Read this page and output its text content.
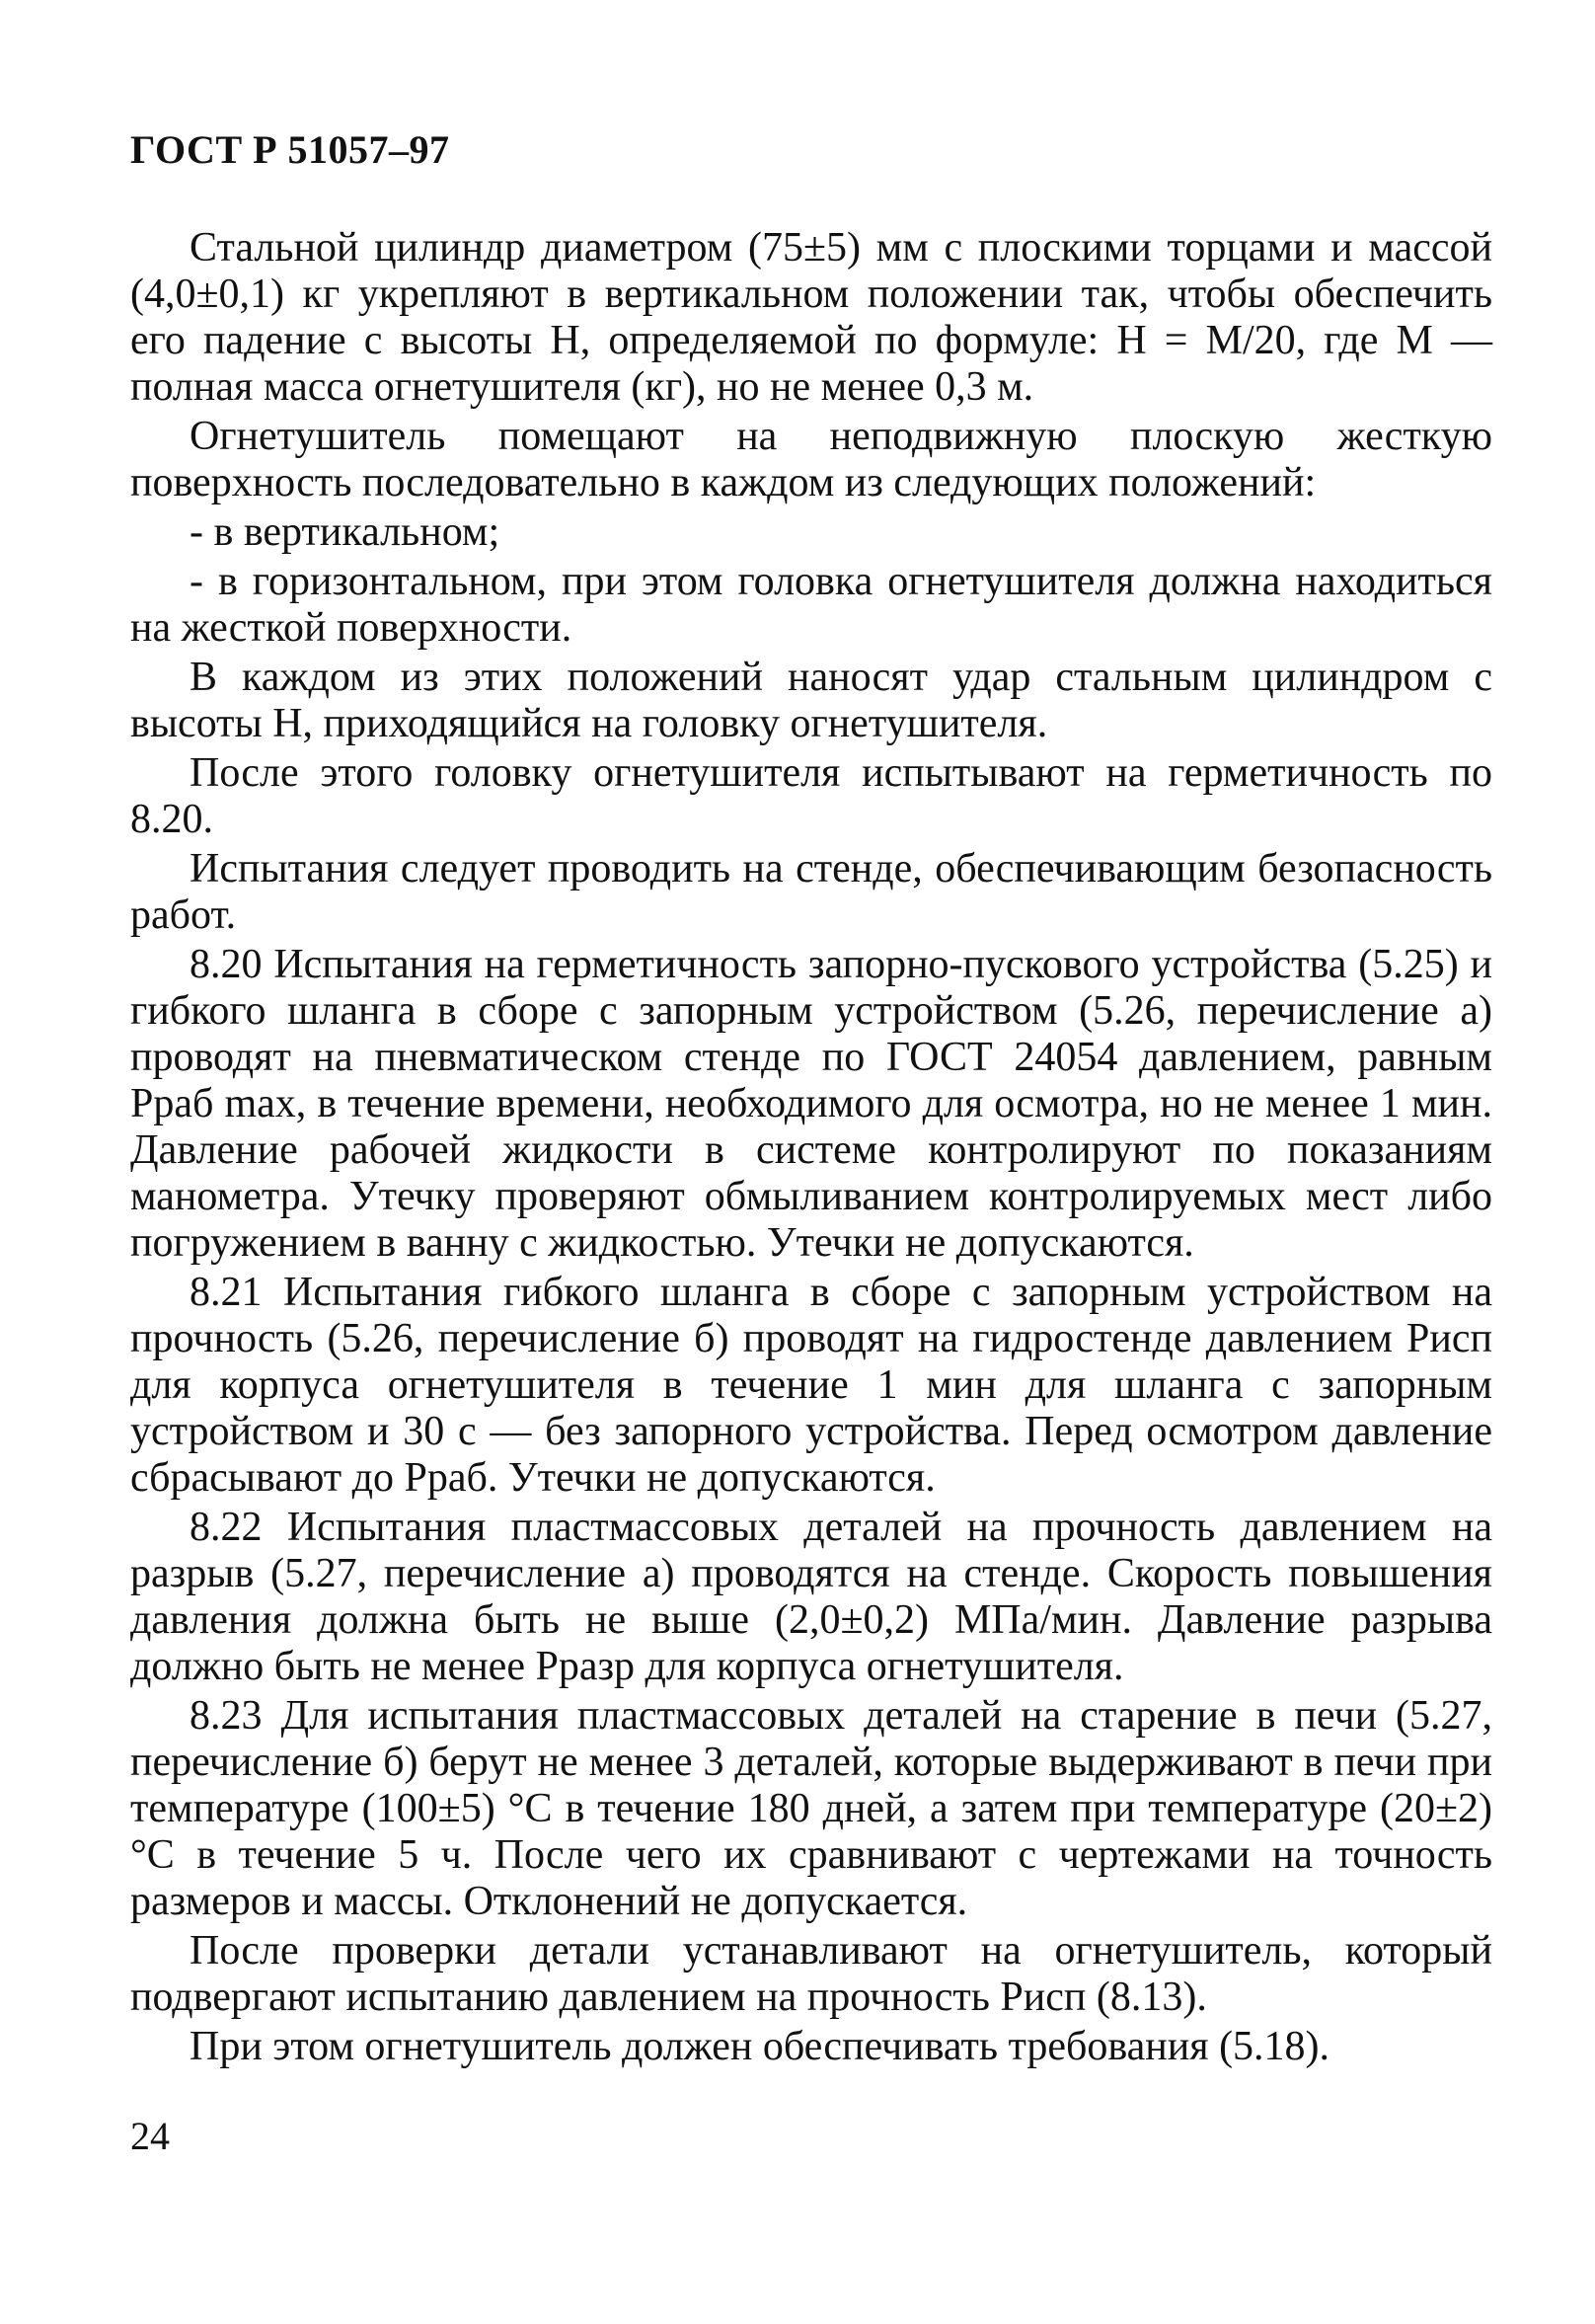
ГОСТ Р 51057–97

Стальной цилиндр диаметром (75±5) мм с плоскими торцами и массой (4,0±0,1) кг укрепляют в вертикальном положении так, чтобы обеспечить его падение с высоты Н, определяемой по формуле: Н = М/20, где М — полная масса огнетушителя (кг), но не менее 0,3 м.

Огнетушитель помещают на неподвижную плоскую жесткую поверхность последовательно в каждом из следующих положений:

- в вертикальном;

- в горизонтальном, при этом головка огнетушителя должна находиться на жесткой поверхности.

В каждом из этих положений наносят удар стальным цилиндром с высоты Н, приходящийся на головку огнетушителя.

После этого головку огнетушителя испытывают на герметичность по 8.20.

Испытания следует проводить на стенде, обеспечивающим безопасность работ.

8.20 Испытания на герметичность запорно-пускового устройства (5.25) и гибкого шланга в сборе с запорным устройством (5.26, перечисление а) проводят на пневматическом стенде по ГОСТ 24054 давлением, равным Рраб max, в течение времени, необходимого для осмотра, но не менее 1 мин. Давление рабочей жидкости в системе контролируют по показаниям манометра. Утечку проверяют обмыливанием контролируемых мест либо погружением в ванну с жидкостью. Утечки не допускаются.

8.21 Испытания гибкого шланга в сборе с запорным устройством на прочность (5.26, перечисление б) проводят на гидростенде давлением Рисп для корпуса огнетушителя в течение 1 мин для шланга с запорным устройством и 30 с — без запорного устройства. Перед осмотром давление сбрасывают до Рраб. Утечки не допускаются.

8.22 Испытания пластмассовых деталей на прочность давлением на разрыв (5.27, перечисление а) проводятся на стенде. Скорость повышения давления должна быть не выше (2,0±0,2) МПа/мин. Давление разрыва должно быть не менее Рразр для корпуса огнетушителя.

8.23 Для испытания пластмассовых деталей на старение в печи (5.27, перечисление б) берут не менее 3 деталей, которые выдерживают в печи при температуре (100±5) °С в течение 180 дней, а затем при температуре (20±2) °С в течение 5 ч. После чего их сравнивают с чертежами на точность размеров и массы. Отклонений не допускается.

После проверки детали устанавливают на огнетушитель, который подвергают испытанию давлением на прочность Рисп (8.13).

При этом огнетушитель должен обеспечивать требования (5.18).

24
